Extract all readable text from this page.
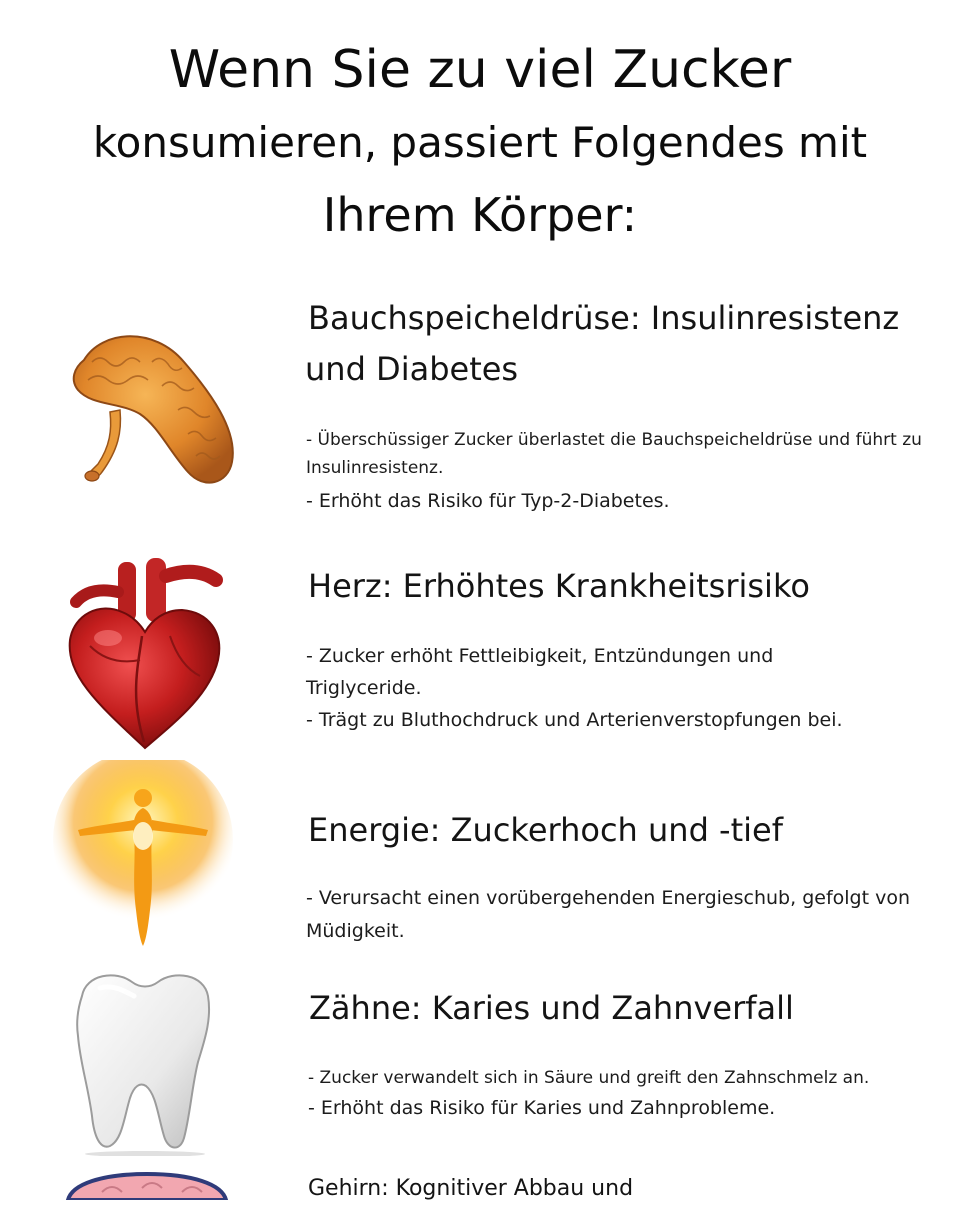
Wenn Sie zu viel Zucker
konsumieren, passiert Folgendes mit
Ihrem Körper:
Bauchspeicheldrüse: Insulinresistenz
und Diabetes
- Überschüssiger Zucker überlastet die Bauchspeicheldrüse und führt zu
Insulinresistenz.
- Erhöht das Risiko für Typ-2-Diabetes.
Herz: Erhöhtes Krankheitsrisiko
- Zucker erhöht Fettleibigkeit, Entzündungen und
Triglyceride.
- Trägt zu Bluthochdruck und Arterienverstopfungen bei.
Energie: Zuckerhoch und -tief
- Verursacht einen vorübergehenden Energieschub, gefolgt von
Müdigkeit.
Zähne: Karies und Zahnverfall
- Zucker verwandelt sich in Säure und greift den Zahnschmelz an.
- Erhöht das Risiko für Karies und Zahnprobleme.
Gehirn: Kognitiver Abbau und
